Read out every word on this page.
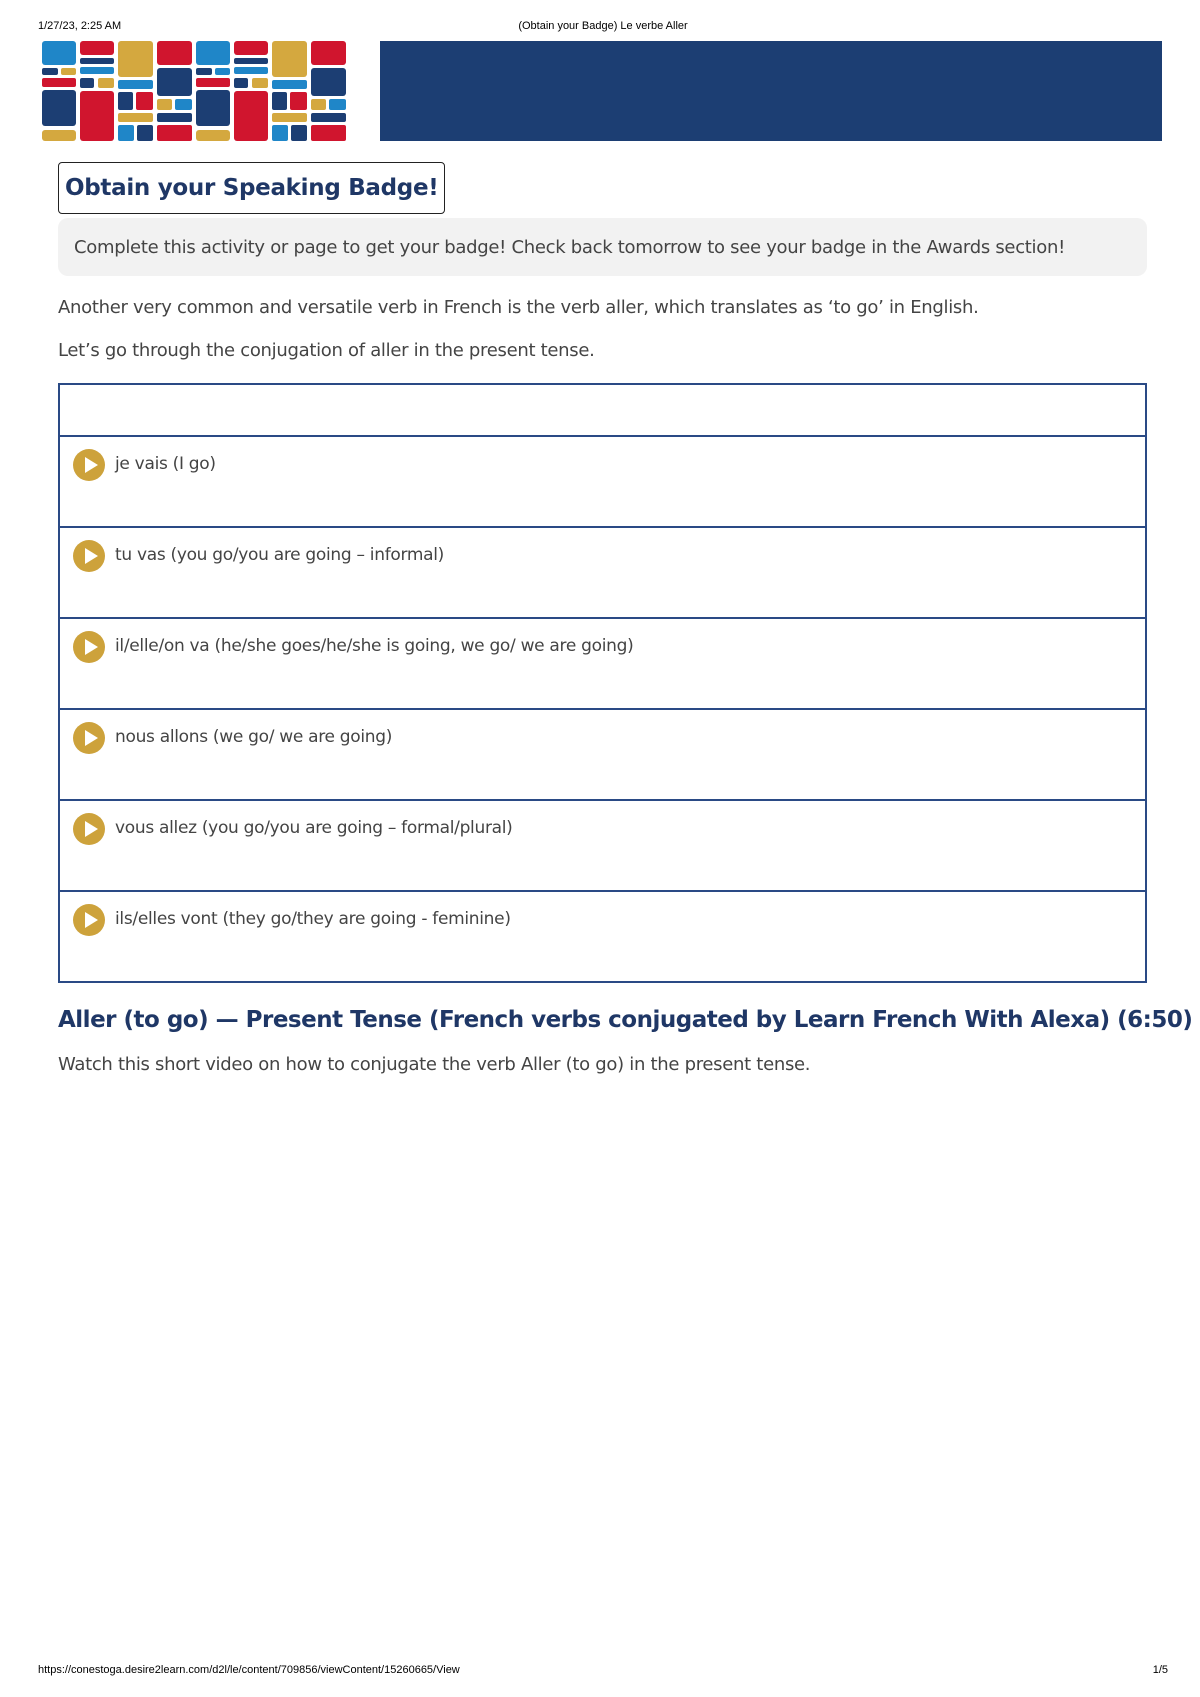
1/27/23, 2:25 AM	(Obtain your Badge) Le verbe Aller
Obtain your Speaking Badge!
Complete this activity or page to get your badge! Check back tomorrow to see your badge in the Awards section!
Another very common and versatile verb in French is the verb aller, which translates as ‘to go’ in English.
Let’s go through the conjugation of aller in the present tense.
je vais (I go)
tu vas (you go/you are going – informal)
il/elle/on va (he/she goes/he/she is going, we go/ we are going)
nous allons (we go/ we are going)
vous allez (you go/you are going – formal/plural)
ils/elles vont (they go/they are going - feminine)
Aller (to go) — Present Tense (French verbs conjugated by Learn French With Alexa) (6:50)
Watch this short video on how to conjugate the verb Aller (to go) in the present tense.
https://conestoga.desire2learn.com/d2l/le/content/709856/viewContent/15260665/View	1/5
